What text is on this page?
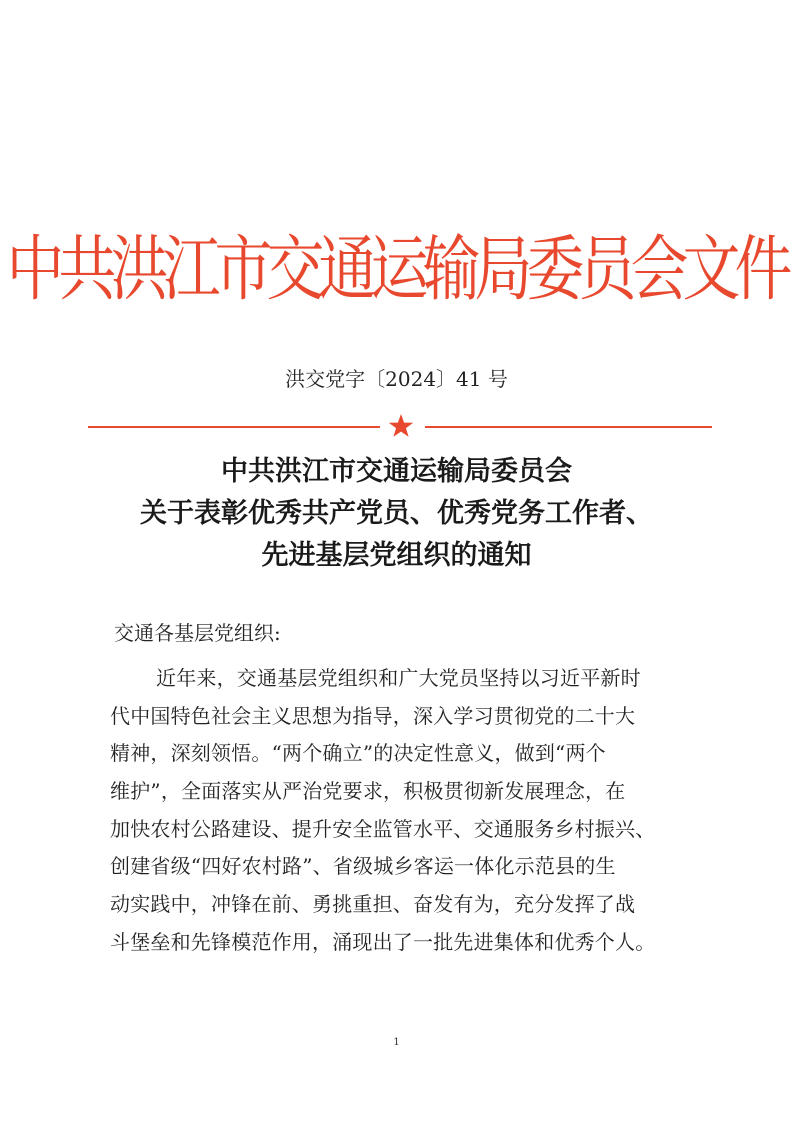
中共洪江市交通运输局委员会文件
洪交党字〔2024〕41 号
中共洪江市交通运输局委员会
关于表彰优秀共产党员、优秀党务工作者、
先进基层党组织的通知
交通各基层党组织:
近年来，交通基层党组织和广大党员坚持以习近平新时
代中国特色社会主义思想为指导，深入学习贯彻党的二十大
精神，深刻领悟。“两个确立”的决定性意义，做到“两个
维护”，全面落实从严治党要求，积极贯彻新发展理念，在
加快农村公路建设、提升安全监管水平、交通服务乡村振兴、
创建省级“四好农村路”、省级城乡客运一体化示范县的生
动实践中，冲锋在前、勇挑重担、奋发有为，充分发挥了战
斗堡垒和先锋模范作用，涌现出了一批先进集体和优秀个人。
1
